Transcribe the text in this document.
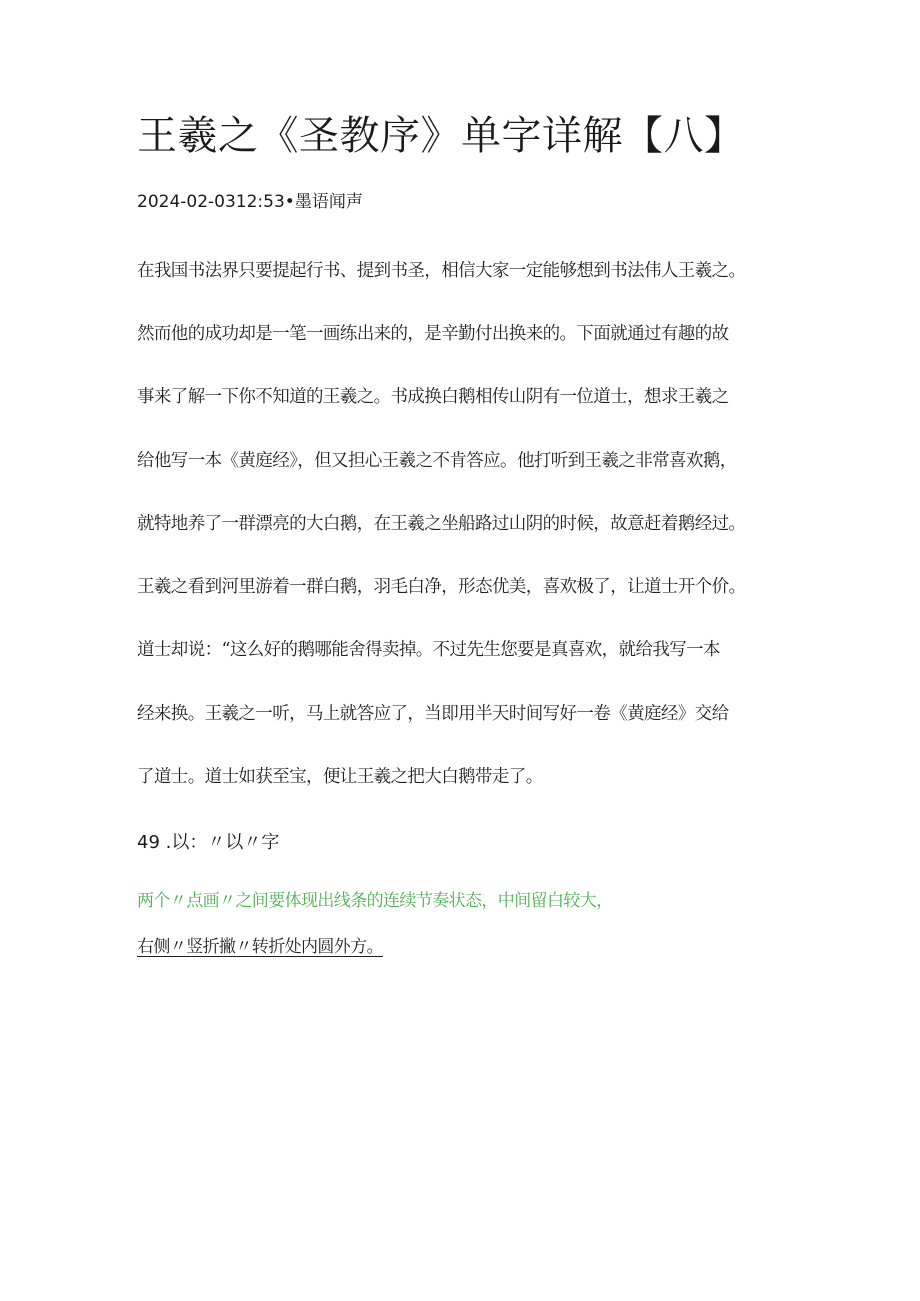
王羲之《圣教序》单字详解【八】
2024-02-0312:53•墨语闻声
在我国书法界只要提起行书、提到书圣，相信大家一定能够想到书法伟人王羲之。
然而他的成功却是一笔一画练出来的，是辛勤付出换来的。下面就通过有趣的故
事来了解一下你不知道的王羲之。书成换白鹅相传山阴有一位道士，想求王羲之
给他写一本《黄庭经》，但又担心王羲之不肯答应。他打听到王羲之非常喜欢鹅，
就特地养了一群漂亮的大白鹅，在王羲之坐船路过山阴的时候，故意赶着鹅经过。
王羲之看到河里游着一群白鹅，羽毛白净，形态优美，喜欢极了，让道士开个价。
道士却说：“这么好的鹅哪能舍得卖掉。不过先生您要是真喜欢，就给我写一本
经来换。王羲之一听，马上就答应了，当即用半天时间写好一卷《黄庭经》交给
了道士。道士如获至宝，便让王羲之把大白鹅带走了。
49 .以：〃以〃字
两个〃点画〃之间要体现出线条的连续节奏状态，中间留白较大，
右侧〃竖折撇〃转折处内圆外方。
